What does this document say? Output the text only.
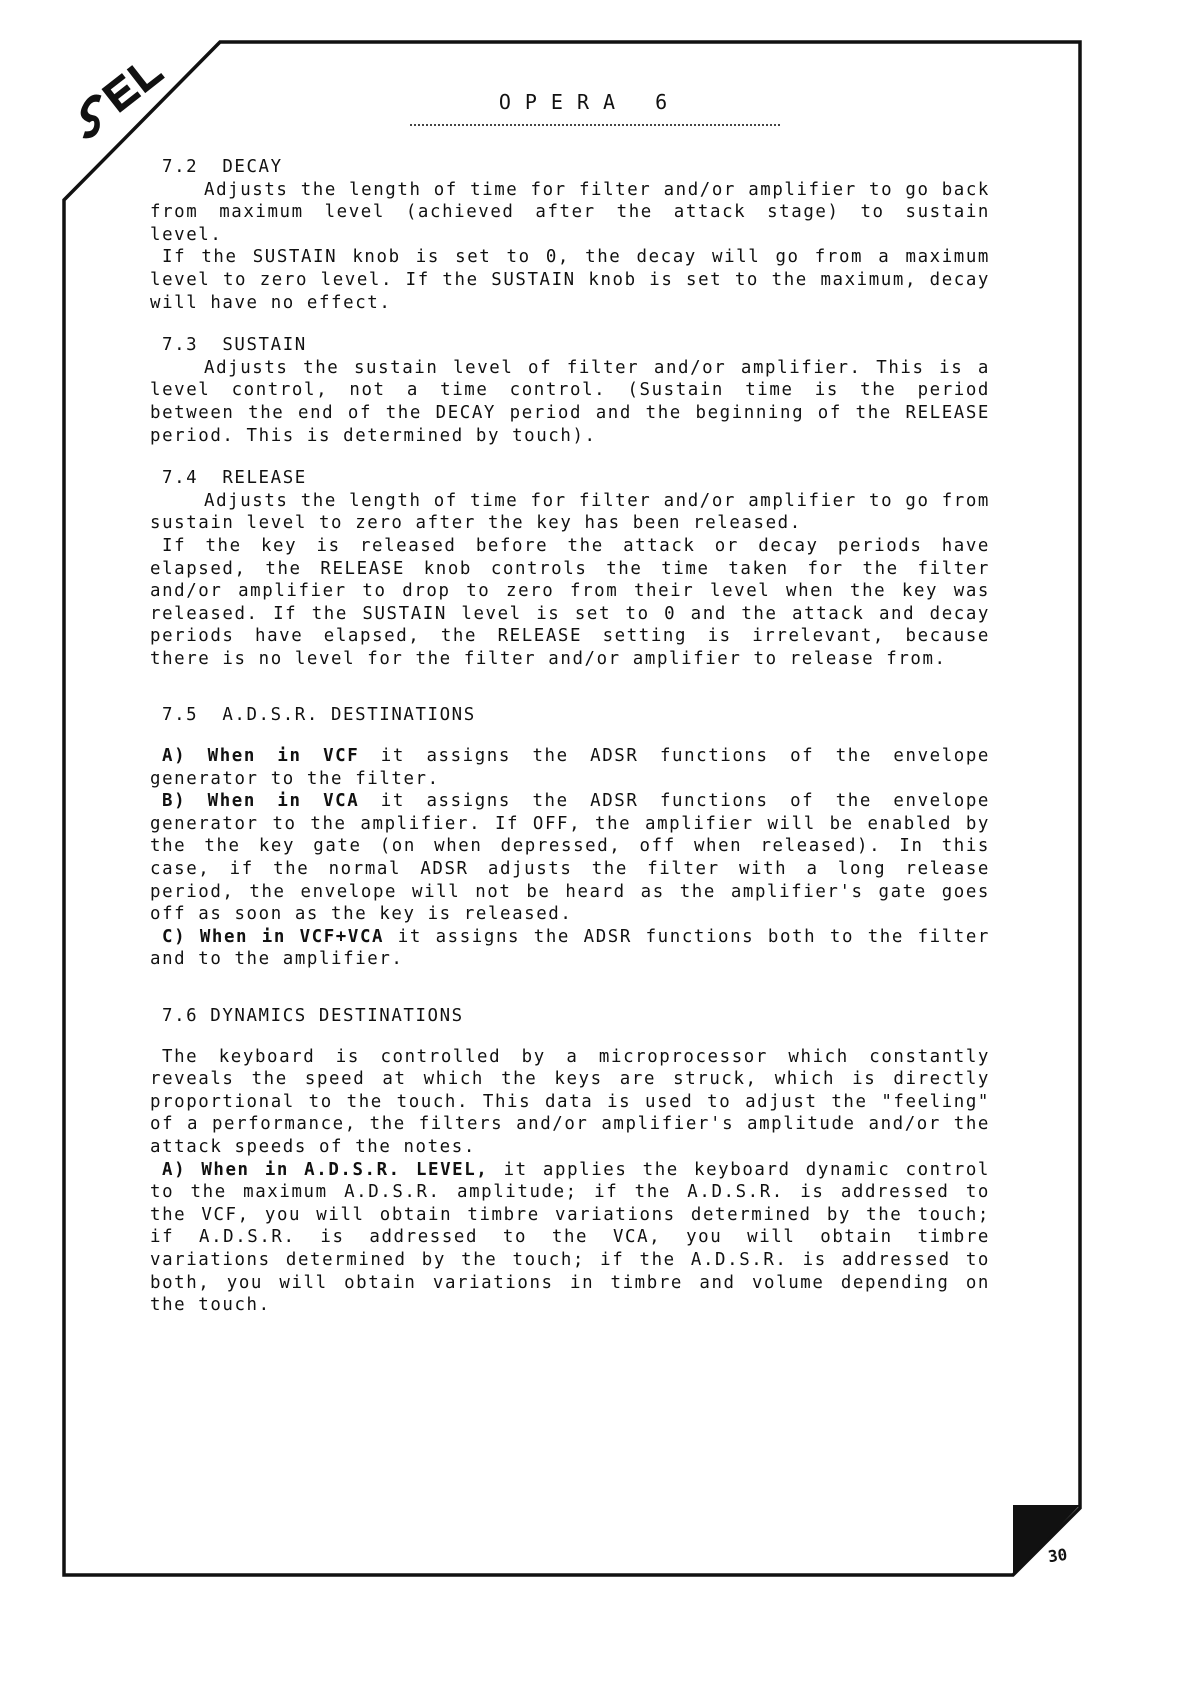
OPERA 6

7.2  DECAY

Adjusts the length of time for filter and/or amplifier to go back from maximum level (achieved after the attack stage) to sustain level.

If the SUSTAIN knob is set to 0, the decay will go from a maximum level to zero level. If the SUSTAIN knob is set to the maximum, decay will have no effect.

7.3  SUSTAIN

Adjusts the sustain level of filter and/or amplifier. This is a level control, not a time control. (Sustain time is the period between the end of the DECAY period and the beginning of the RELEASE period. This is determined by touch).

7.4  RELEASE

Adjusts the length of time for filter and/or amplifier to go from sustain level to zero after the key has been released.

If the key is released before the attack or decay periods have elapsed, the RELEASE knob controls the time taken for the filter and/or amplifier to drop to zero from their level when the key was released. If the SUSTAIN level is set to 0 and the attack and decay periods have elapsed, the RELEASE setting is irrelevant, because there is no level for the filter and/or amplifier to release from.

7.5  A.D.S.R. DESTINATIONS

A) When in VCF it assigns the ADSR functions of the envelope generator to the filter.

B) When in VCA it assigns the ADSR functions of the envelope generator to the amplifier. If OFF, the amplifier will be enabled by the the key gate (on when depressed, off when released). In this case, if the normal ADSR adjusts the filter with a long release period, the envelope will not be heard as the amplifier's gate goes off as soon as the key is released.

C) When in VCF+VCA it assigns the ADSR functions both to the filter and to the amplifier.

7.6 DYNAMICS DESTINATIONS

The keyboard is controlled by a microprocessor which constantly reveals the speed at which the keys are struck, which is directly proportional to the touch. This data is used to adjust the "feeling" of a performance, the filters and/or amplifier's amplitude and/or the attack speeds of the notes.

A) When in A.D.S.R. LEVEL, it applies the keyboard dynamic control to the maximum A.D.S.R. amplitude; if the A.D.S.R. is addressed to the VCF, you will obtain timbre variations determined by the touch; if A.D.S.R. is addressed to the VCA, you will obtain timbre variations determined by the touch; if the A.D.S.R. is addressed to both, you will obtain variations in timbre and volume depending on the touch.

30
